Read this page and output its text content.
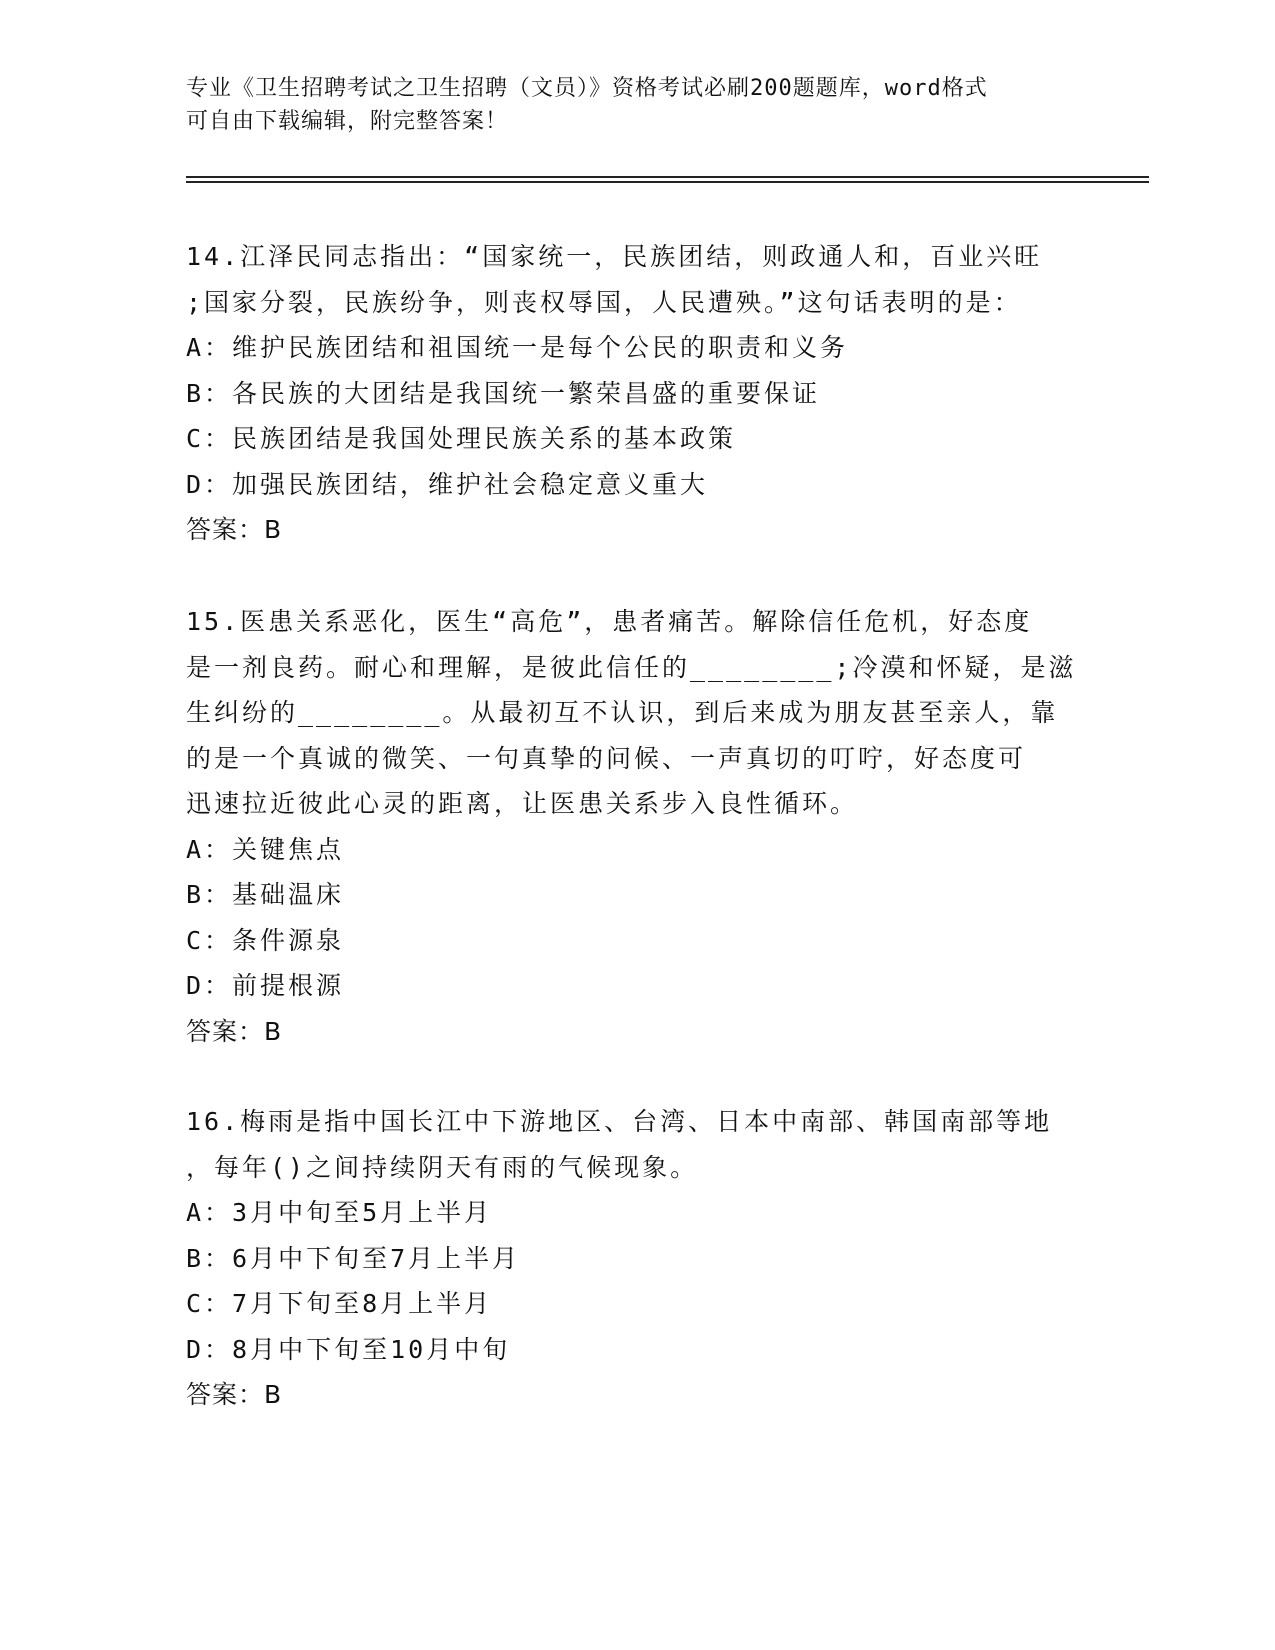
专业《卫生招聘考试之卫生招聘（文员）》资格考试必刷200题题库，word格式
可自由下载编辑，附完整答案！
14.江泽民同志指出：“国家统一，民族团结，则政通人和，百业兴旺
;国家分裂，民族纷争，则丧权辱国，人民遭殃。”这句话表明的是：
A：维护民族团结和祖国统一是每个公民的职责和义务
B：各民族的大团结是我国统一繁荣昌盛的重要保证
C：民族团结是我国处理民族关系的基本政策
D：加强民族团结，维护社会稳定意义重大
答案：B
15.医患关系恶化，医生“高危”，患者痛苦。解除信任危机，好态度
是一剂良药。耐心和理解，是彼此信任的________;冷漠和怀疑，是滋
生纠纷的________。从最初互不认识，到后来成为朋友甚至亲人，靠
的是一个真诚的微笑、一句真挚的问候、一声真切的叮咛，好态度可
迅速拉近彼此心灵的距离，让医患关系步入良性循环。
A：关键焦点
B：基础温床
C：条件源泉
D：前提根源
答案：B
16.梅雨是指中国长江中下游地区、台湾、日本中南部、韩国南部等地
，每年()之间持续阴天有雨的气候现象。
A：3月中旬至5月上半月
B：6月中下旬至7月上半月
C：7月下旬至8月上半月
D：8月中下旬至10月中旬
答案：B
